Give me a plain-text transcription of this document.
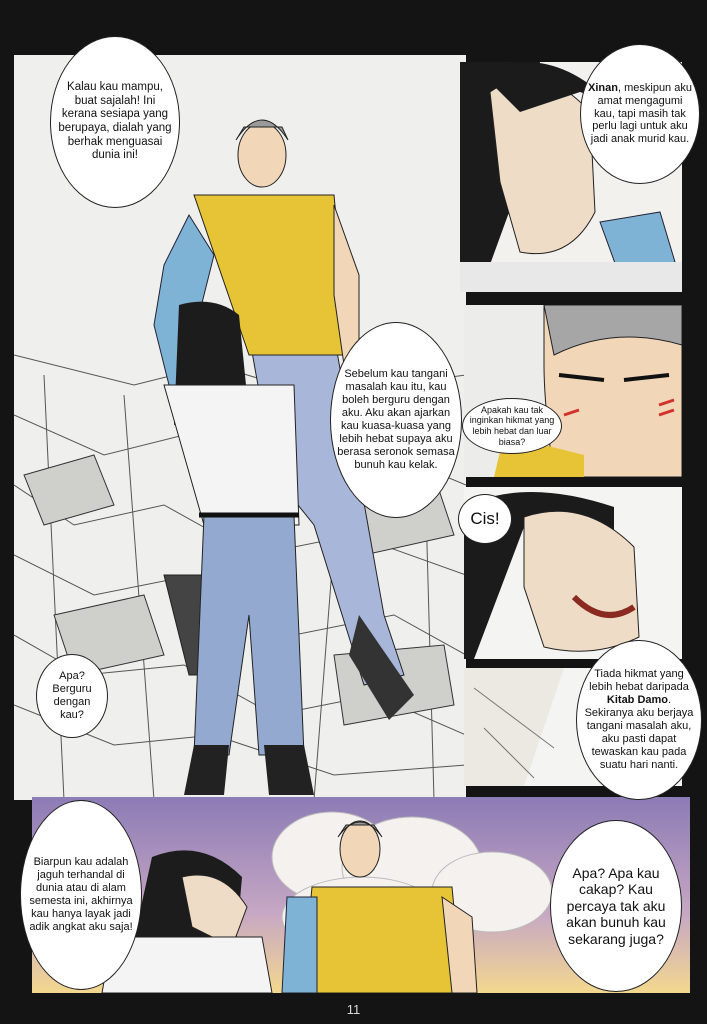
Kalau kau mampu, buat sajalah! Ini kerana sesiapa yang berupaya, dialah yang berhak menguasai dunia ini!
Xinan, meskipun aku amat mengagumi kau, tapi masih tak perlu lagi untuk aku jadi anak murid kau.
Sebelum kau tangani masalah kau itu, kau boleh berguru dengan aku. Aku akan ajarkan kau kuasa-kuasa yang lebih hebat supaya aku berasa seronok semasa bunuh kau kelak.
Apakah kau tak inginkan hikmat yang lebih hebat dan luar biasa?
Cis!
Apa? Berguru dengan kau?
Tiada hikmat yang lebih hebat daripada Kitab Damo. Sekiranya aku berjaya tangani masalah aku, aku pasti dapat tewaskan kau pada suatu hari nanti.
Biarpun kau adalah jaguh terhandal di dunia atau di alam semesta ini, akhirnya kau hanya layak jadi adik angkat aku saja!
Apa? Apa kau cakap? Kau percaya tak aku akan bunuh kau sekarang juga?
11
